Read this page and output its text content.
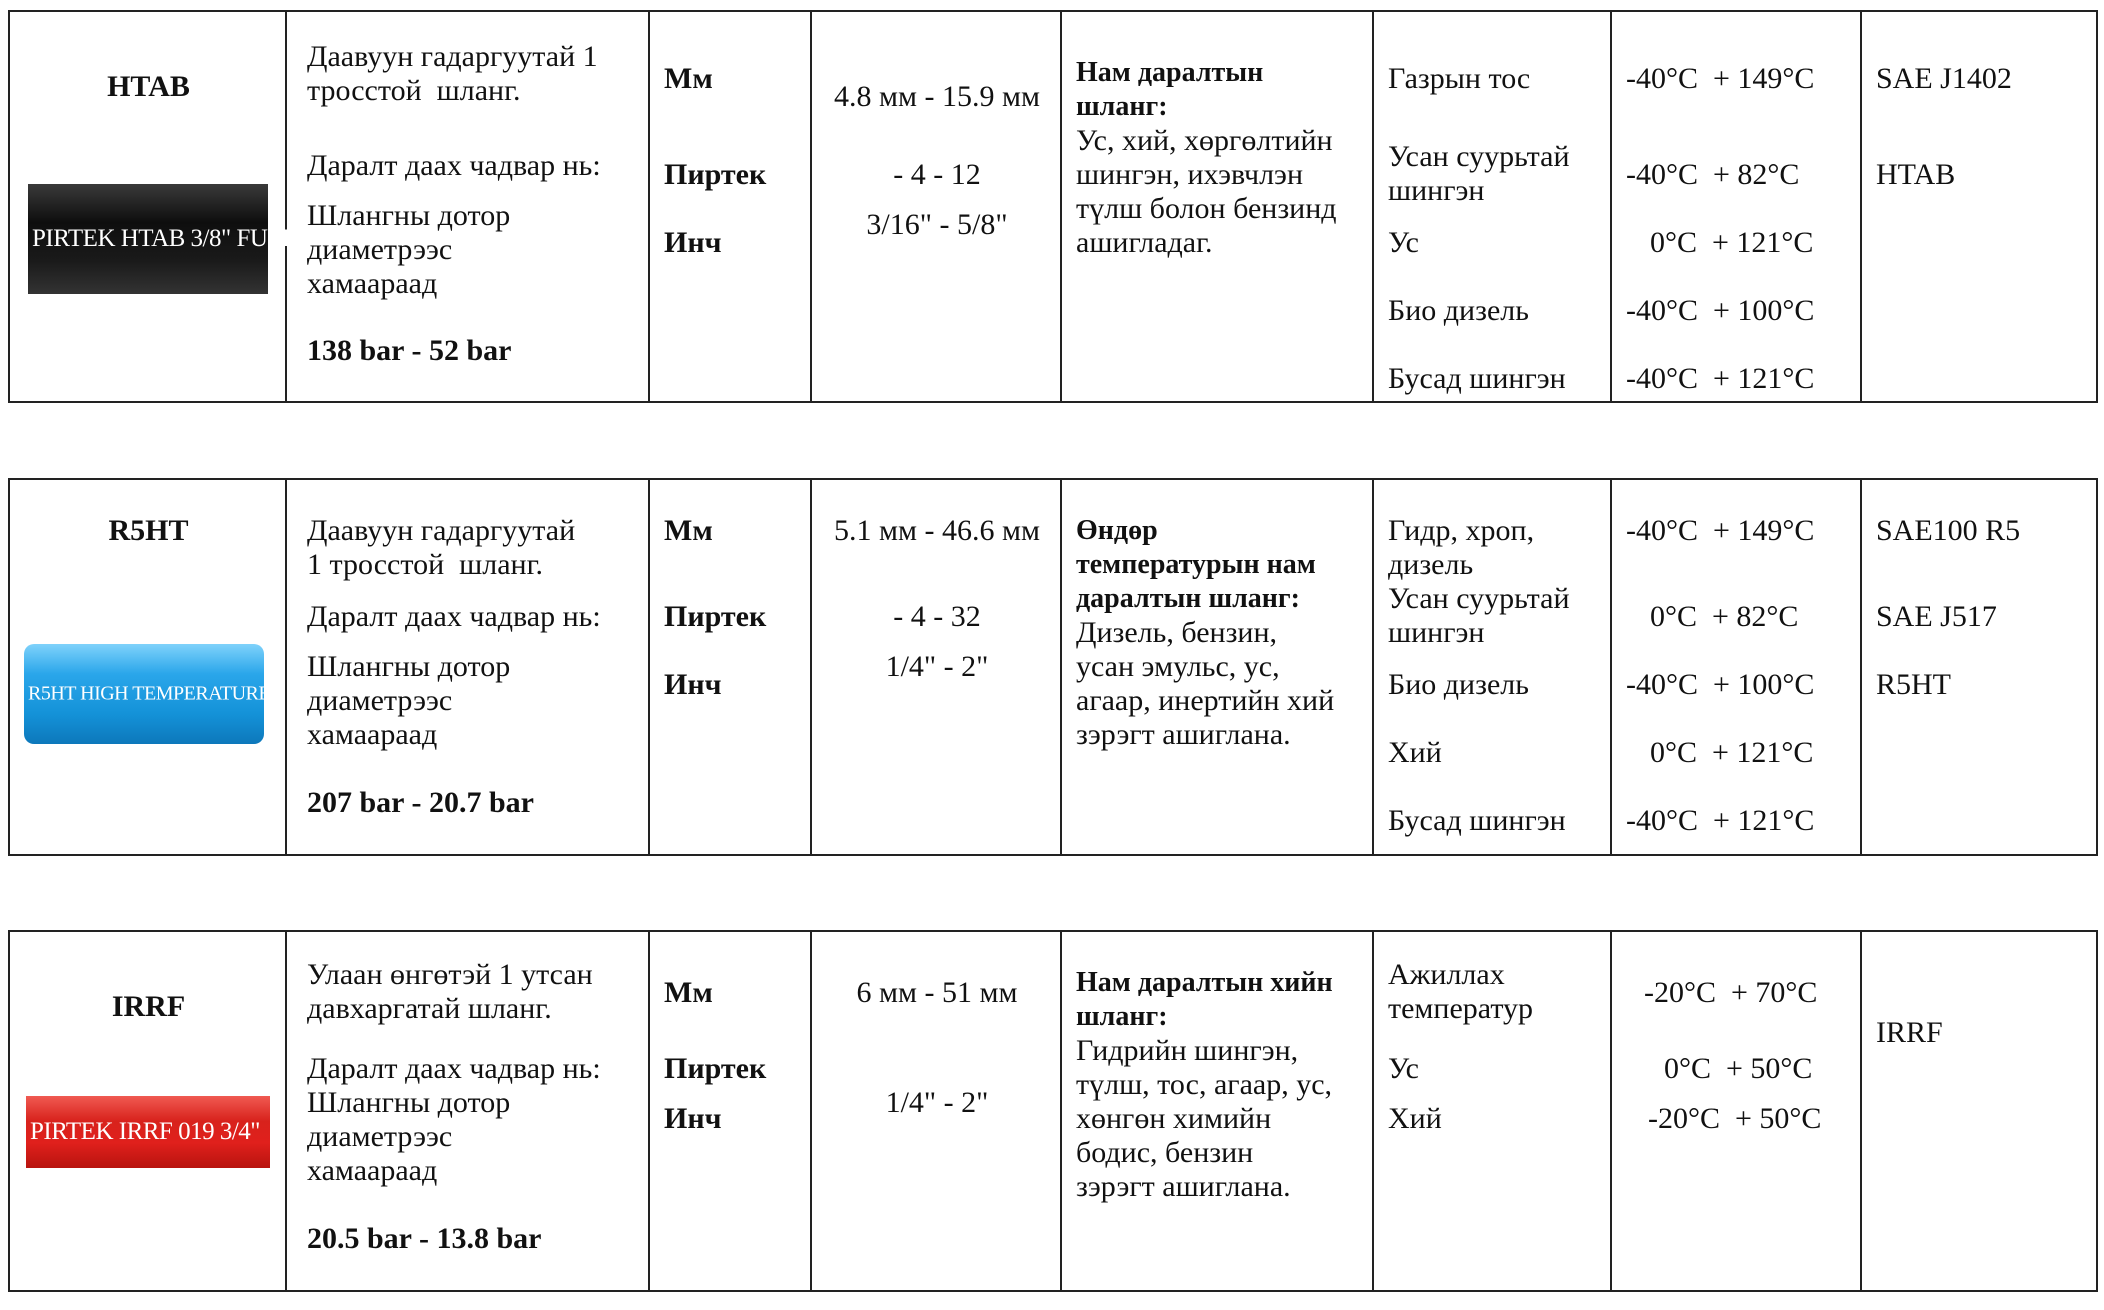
HTAB
PIRTEK HTAB 3/8" FUEL / O
Даавуун гадаргуутай 1
тросстой  шланг.
Даралт даах чадвар нь:
Шлангны дотор
диаметрээс
хамаараад
138 bar - 52 bar
Мм
Пиртек
Инч
4.8 мм - 15.9 мм
- 4 - 12
3/16" - 5/8"
Нам даралтын
шланг:
Ус, хий, хөргөлтийн
шингэн, ихэвчлэн
түлш болон бензинд
ашигладаг.
Газрын тос
Усан суурьтай
шингэн
Ус
Био дизель
Бусад шингэн
-40°C  + 149°C
-40°C  + 82°C
0°C  + 121°C
-40°C  + 100°C
-40°C  + 121°C
SAE J1402
HTAB
R5HT
R5HT HIGH TEMPERATURE
Даавуун гадаргуутай
1 тросстой  шланг.
Даралт даах чадвар нь:
Шлангны дотор
диаметрээс
хамаараад
207 bar - 20.7 bar
Мм
Пиртек
Инч
5.1 мм - 46.6 мм
- 4 - 32
1/4" - 2"
Өндөр
температурын нам
даралтын шланг:
Дизель, бензин,
усан эмульс, ус,
агаар, инертийн хий
зэрэгт ашиглана.
Гидр, хроп,
дизель
Усан суурьтай
шингэн
Био дизель
Хий
Бусад шингэн
-40°C  + 149°C
0°C  + 82°C
-40°C  + 100°C
0°C  + 121°C
-40°C  + 121°C
SAE100 R5
SAE J517
R5HT
IRRF
PIRTEK IRRF 019 3/4"
Улаан өнгөтэй 1 утсан
давхаргатай шланг.
Даралт даах чадвар нь:
Шлангны дотор
диаметрээс
хамаараад
20.5 bar - 13.8 bar
Мм
Пиртек
Инч
6 мм - 51 мм
1/4" - 2"
Нам даралтын хийн
шланг:
Гидрийн шингэн,
түлш, тос, агаар, ус,
хөнгөн химийн
бодис, бензин
зэрэгт ашиглана.
Ажиллах
температур
Ус
Хий
-20°C  + 70°C
0°C  + 50°C
-20°C  + 50°C
IRRF
